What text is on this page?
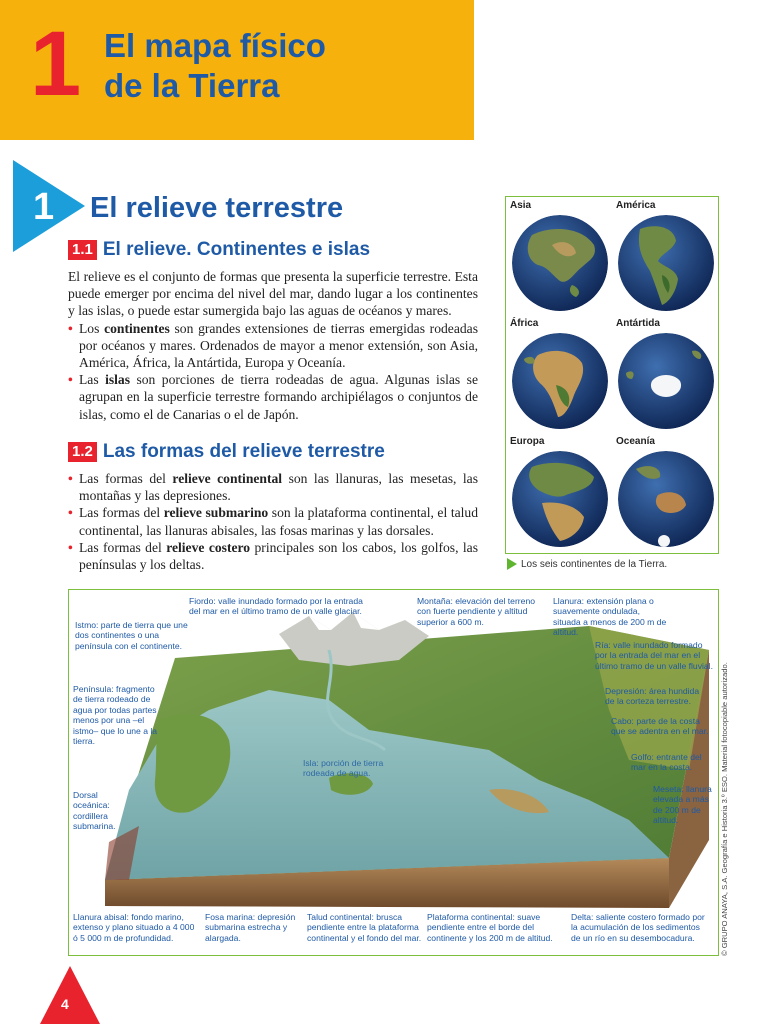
1 El mapa físico
de la Tierra
1 El relieve terrestre
1.1 El relieve. Continentes e islas

El relieve es el conjunto de formas que presenta la superficie terrestre. Esta puede emerger por encima del nivel del mar, dando lugar a los continentes y las islas, o puede estar sumergida bajo las aguas de océanos y mares.

• Los continentes son grandes extensiones de tierras emergidas rodeadas por océanos y mares. Ordenados de mayor a menor extensión, son Asia, América, África, la Antártida, Europa y Oceanía.
• Las islas son porciones de tierra rodeadas de agua. Algunas islas se agrupan en la superficie terrestre formando archipiélagos o conjuntos de islas, como el de Canarias o el de Japón.
1.2 Las formas del relieve terrestre
• Las formas del relieve continental son las llanuras, las mesetas, las montañas y las depresiones.
• Las formas del relieve submarino son la plataforma continental, el talud continental, las llanuras abisales, las fosas marinas y las dorsales.
• Las formas del relieve costero principales son los cabos, los golfos, las penínsulas y los deltas.
Asia	América
África	Antártida
Europa	Oceanía
Los seis continentes de la Tierra.
Istmo: parte de tierra que une dos continentes o una península con el continente.
Fiordo: valle inundado formado por la entrada del mar en el último tramo de un valle glaciar.
Montaña: elevación del terreno con fuerte pendiente y altitud superior a 600 m.
Llanura: extensión plana o suavemente ondulada, situada a menos de 200 m de altitud.
Ría: valle inundado formado por la entrada del mar en el último tramo de un valle fluvial.
Península: fragmento de tierra rodeado de agua por todas partes menos por una –el istmo– que lo une a la tierra.
Depresión: área hundida de la corteza terrestre.
Cabo: parte de la costa que se adentra en el mar.
Isla: porción de tierra rodeada de agua.
Golfo: entrante del mar en la costa.
Dorsal oceánica: cordillera submarina.
Meseta: llanura elevada a más de 200 m de altitud.
Llanura abisal: fondo marino, extenso y plano situado a 4 000 ó 5 000 m de profundidad.
Fosa marina: depresión submarina estrecha y alargada.
Talud continental: brusca pendiente entre la plataforma continental y el fondo del mar.
Plataforma continental: suave pendiente entre el borde del continente y los 200 m de altitud.
Delta: saliente costero formado por la acumulación de los sedimentos de un río en su desembocadura.	© GRUPO ANAYA, S.A. Geografía e Historia 3.º ESO. Material fotocopiable autorizado.
4
